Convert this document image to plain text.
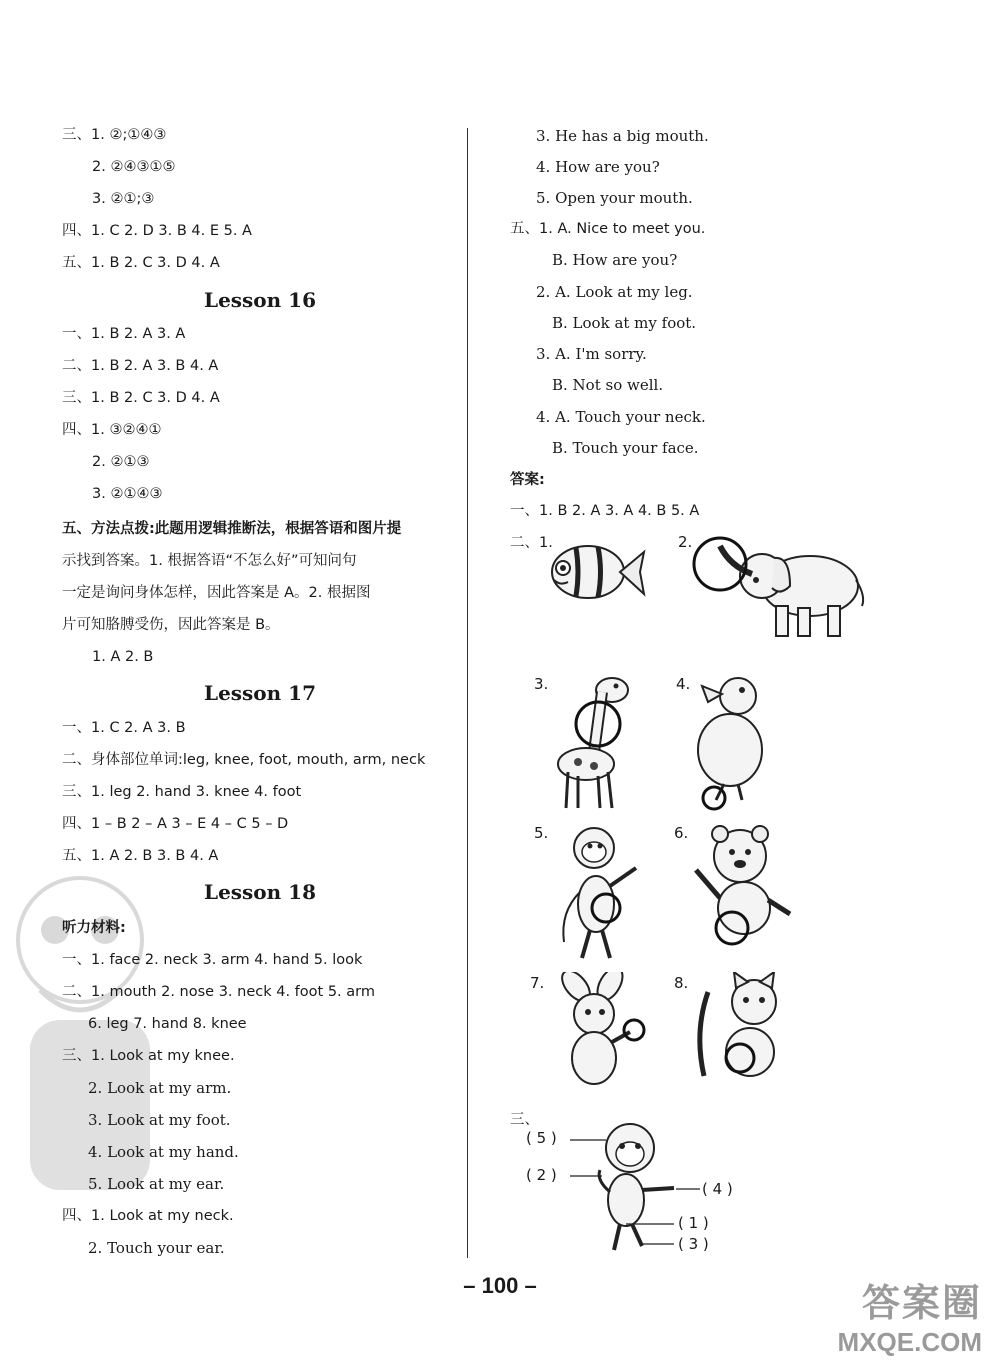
三、1. ②;①④③
2. ②④③①⑤
3. ②①;③
四、1. C 2. D 3. B 4. E 5. A
五、1. B 2. C 3. D 4. A
Lesson 16
一、1. B 2. A 3. A
二、1. B 2. A 3. B 4. A
三、1. B 2. C 3. D 4. A
四、1. ③②④①
2. ②①③
3. ②①④③
五、方法点拨:此题用逻辑推断法，根据答语和图片提
示找到答案。1. 根据答语“不怎么好”可知问句
一定是询问身体怎样，因此答案是 A。2. 根据图
片可知胳膊受伤，因此答案是 B。
1. A 2. B
Lesson 17
一、1. C 2. A 3. B
二、身体部位单词:leg, knee, foot, mouth, arm, neck
三、1. leg 2. hand 3. knee 4. foot
四、1 – B 2 – A 3 – E 4 – C 5 – D
五、1. A 2. B 3. B 4. A
Lesson 18
听力材料:
一、1. face 2. neck 3. arm 4. hand 5. look
二、1. mouth 2. nose 3. neck 4. foot 5. arm
6. leg 7. hand 8. knee
三、1. Look at my knee.
2. Look at my arm.
3. Look at my foot.
4. Look at my hand.
5. Look at my ear.
四、1. Look at my neck.
2. Touch your ear.
3. He has a big mouth.
4. How are you?
5. Open your mouth.
五、1. A. Nice to meet you.
B. How are you?
2. A. Look at my leg.
B. Look at my foot.
3. A. I'm sorry.
B. Not so well.
4. A. Touch your neck.
B. Touch your face.
答案:
一、1. B 2. A 3. A 4. B 5. A
二、1.	2.
3.	4.
5.	6.
7.	8.
三、
( 5 )
( 2 )
( 4 )
( 1 )
( 3 )
– 100 –	答案圈
MXQE.COM
